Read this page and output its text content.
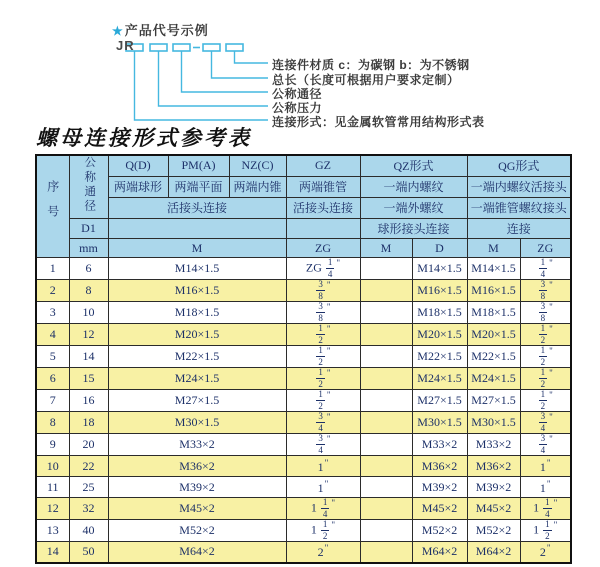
★产品代号示例
JR
连接件材质 c：为碳钢 b：为不锈钢
总长（长度可根据用户要求定制）
公称通径
公称压力
连接形式：见金属软管常用结构形式表
螺母连接形式参考表
序号	公称通径	Q(D)	PM(A)	NZ(C)	GZ	QZ形式		QG形式	
		两端球形	两端平面	两端内锥	两端锥管	一端内螺纹		一端内螺纹活接头	
		活接头连接			活接头连接	一端外螺纹		一端锥管螺纹接头	
	D1					球形接头连接		连接	
	mm	M			ZG	M	D	M	ZG
1	6	M14×1.5			ZG $\frac{1}{4} ^"$		M14×1.5	M14×1.5	$\frac{1}{4} ^"$
2	8	M16×1.5			$\frac{3}{8} ^"$		M16×1.5	M16×1.5	$\frac{3}{8} ^"$
3	10	M18×1.5			$\frac{3}{8} ^"$		M18×1.5	M18×1.5	$\frac{3}{8} ^"$
4	12	M20×1.5			$\frac{1}{2} ^"$		M20×1.5	M20×1.5	$\frac{1}{2} ^"$
5	14	M22×1.5			$\frac{1}{2} ^"$		M22×1.5	M22×1.5	$\frac{1}{2} ^"$
6	15	M24×1.5			$\frac{1}{2} ^"$		M24×1.5	M24×1.5	$\frac{1}{2} ^"$
7	16	M27×1.5			$\frac{1}{2} ^"$		M27×1.5	M27×1.5	$\frac{1}{2} ^"$
8	18	M30×1.5			$\frac{3}{4} ^"$		M30×1.5	M30×1.5	$\frac{3}{4} ^"$
9	20	M33×2			$\frac{3}{4} ^"$		M33×2	M33×2	$\frac{3}{4} ^"$
10	22	M36×2			1"		M36×2	M36×2	1"
11	25	M39×2			1"		M39×2	M39×2	1"
12	32	M45×2			$1 \frac{1}{4} ^"$		M45×2	M45×2	$1 \frac{1}{4} ^"$
13	40	M52×2			$1 \frac{1}{2} ^"$		M52×2	M52×2	$1 \frac{1}{2} ^"$
14	50	M64×2			2"		M64×2	M64×2	2"
